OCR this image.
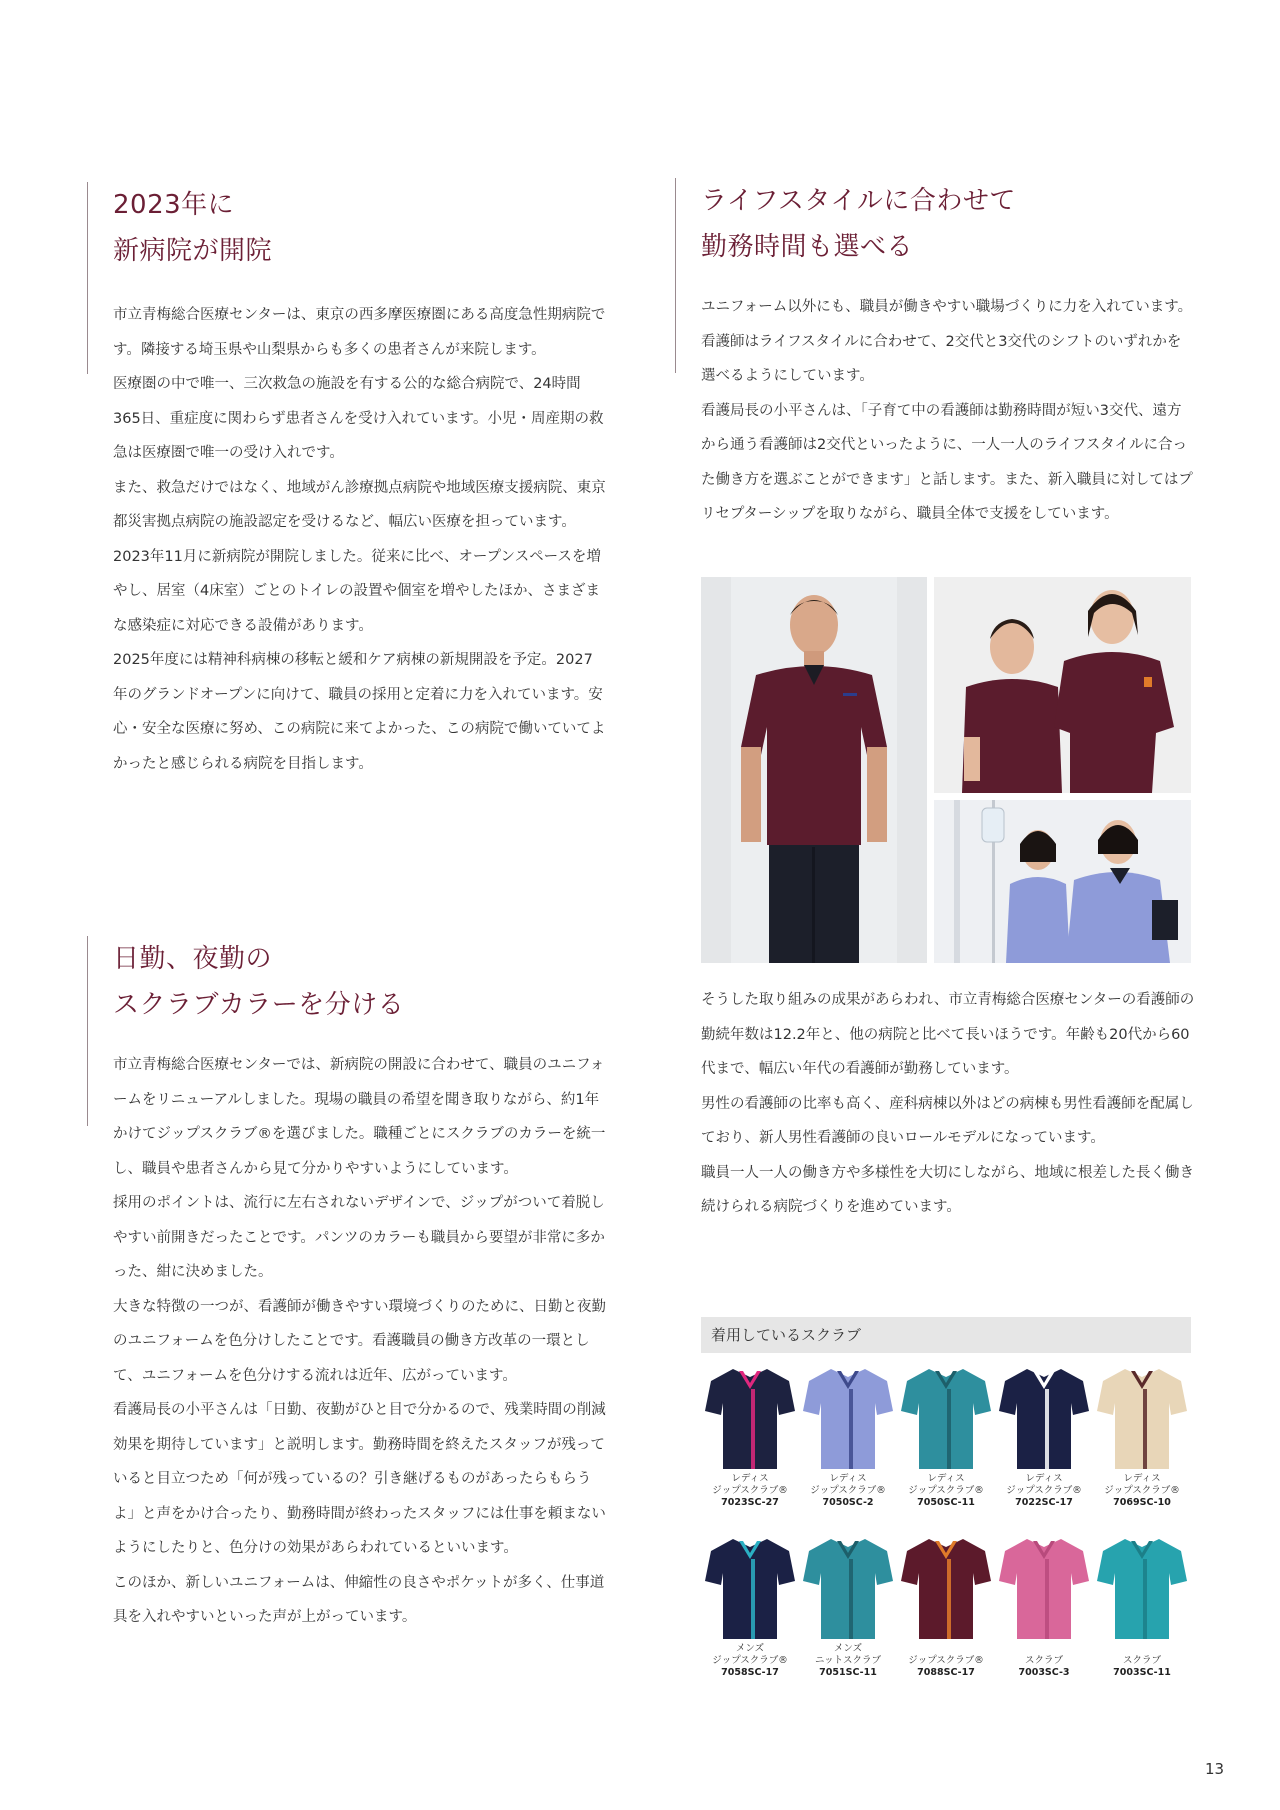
2023年に
新病院が開院

市立青梅総合医療センターは、東京の西多摩医療圏にある高度急性期病院です。隣接する埼玉県や山梨県からも多くの患者さんが来院します。

医療圏の中で唯一、三次救急の施設を有する公的な総合病院で、24時間365日、重症度に関わらず患者さんを受け入れています。小児・周産期の救急は医療圏で唯一の受け入れです。

また、救急だけではなく、地域がん診療拠点病院や地域医療支援病院、東京都災害拠点病院の施設認定を受けるなど、幅広い医療を担っています。

2023年11月に新病院が開院しました。従来に比べ、オープンスペースを増やし、居室（4床室）ごとのトイレの設置や個室を増やしたほか、さまざまな感染症に対応できる設備があります。

2025年度には精神科病棟の移転と緩和ケア病棟の新規開設を予定。2027年のグランドオープンに向けて、職員の採用と定着に力を入れています。安心・安全な医療に努め、この病院に来てよかった、この病院で働いていてよかったと感じられる病院を目指します。

日勤、夜勤の
スクラブカラーを分ける

市立青梅総合医療センターでは、新病院の開設に合わせて、職員のユニフォームをリニューアルしました。現場の職員の希望を聞き取りながら、約1年かけてジップスクラブ®を選びました。職種ごとにスクラブのカラーを統一し、職員や患者さんから見て分かりやすいようにしています。

採用のポイントは、流行に左右されないデザインで、ジップがついて着脱しやすい前開きだったことです。パンツのカラーも職員から要望が非常に多かった、紺に決めました。

大きな特徴の一つが、看護師が働きやすい環境づくりのために、日勤と夜勤のユニフォームを色分けしたことです。看護職員の働き方改革の一環として、ユニフォームを色分けする流れは近年、広がっています。

看護局長の小平さんは「日勤、夜勤がひと目で分かるので、残業時間の削減効果を期待しています」と説明します。勤務時間を終えたスタッフが残っていると目立つため「何が残っているの？引き継げるものがあったらもらうよ」と声をかけ合ったり、勤務時間が終わったスタッフには仕事を頼まないようにしたりと、色分けの効果があらわれているといいます。

このほか、新しいユニフォームは、伸縮性の良さやポケットが多く、仕事道具を入れやすいといった声が上がっています。

ライフスタイルに合わせて
勤務時間も選べる

ユニフォーム以外にも、職員が働きやすい職場づくりに力を入れています。看護師はライフスタイルに合わせて、2交代と3交代のシフトのいずれかを選べるようにしています。

看護局長の小平さんは、「子育て中の看護師は勤務時間が短い3交代、遠方から通う看護師は2交代といったように、一人一人のライフスタイルに合った働き方を選ぶことができます」と話します。また、新入職員に対してはプリセプターシップを取りながら、職員全体で支援をしています。

そうした取り組みの成果があらわれ、市立青梅総合医療センターの看護師の勤続年数は12.2年と、他の病院と比べて長いほうです。年齢も20代から60代まで、幅広い年代の看護師が勤務しています。

男性の看護師の比率も高く、産科病棟以外はどの病棟も男性看護師を配属しており、新人男性看護師の良いロールモデルになっています。

職員一人一人の働き方や多様性を大切にしながら、地域に根差した長く働き続けられる病院づくりを進めています。

着用しているスクラブ
レディス
ジップスクラブ®
7023SC-27
レディス
ジップスクラブ®
7050SC-2
レディス
ジップスクラブ®
7050SC-11
レディス
ジップスクラブ®
7022SC-17
レディス
ジップスクラブ®
7069SC-10
メンズ
ジップスクラブ®
7058SC-17
メンズ
ニットスクラブ
7051SC-11

ジップスクラブ®
7088SC-17

スクラブ
7003SC-3

スクラブ
7003SC-11
13
